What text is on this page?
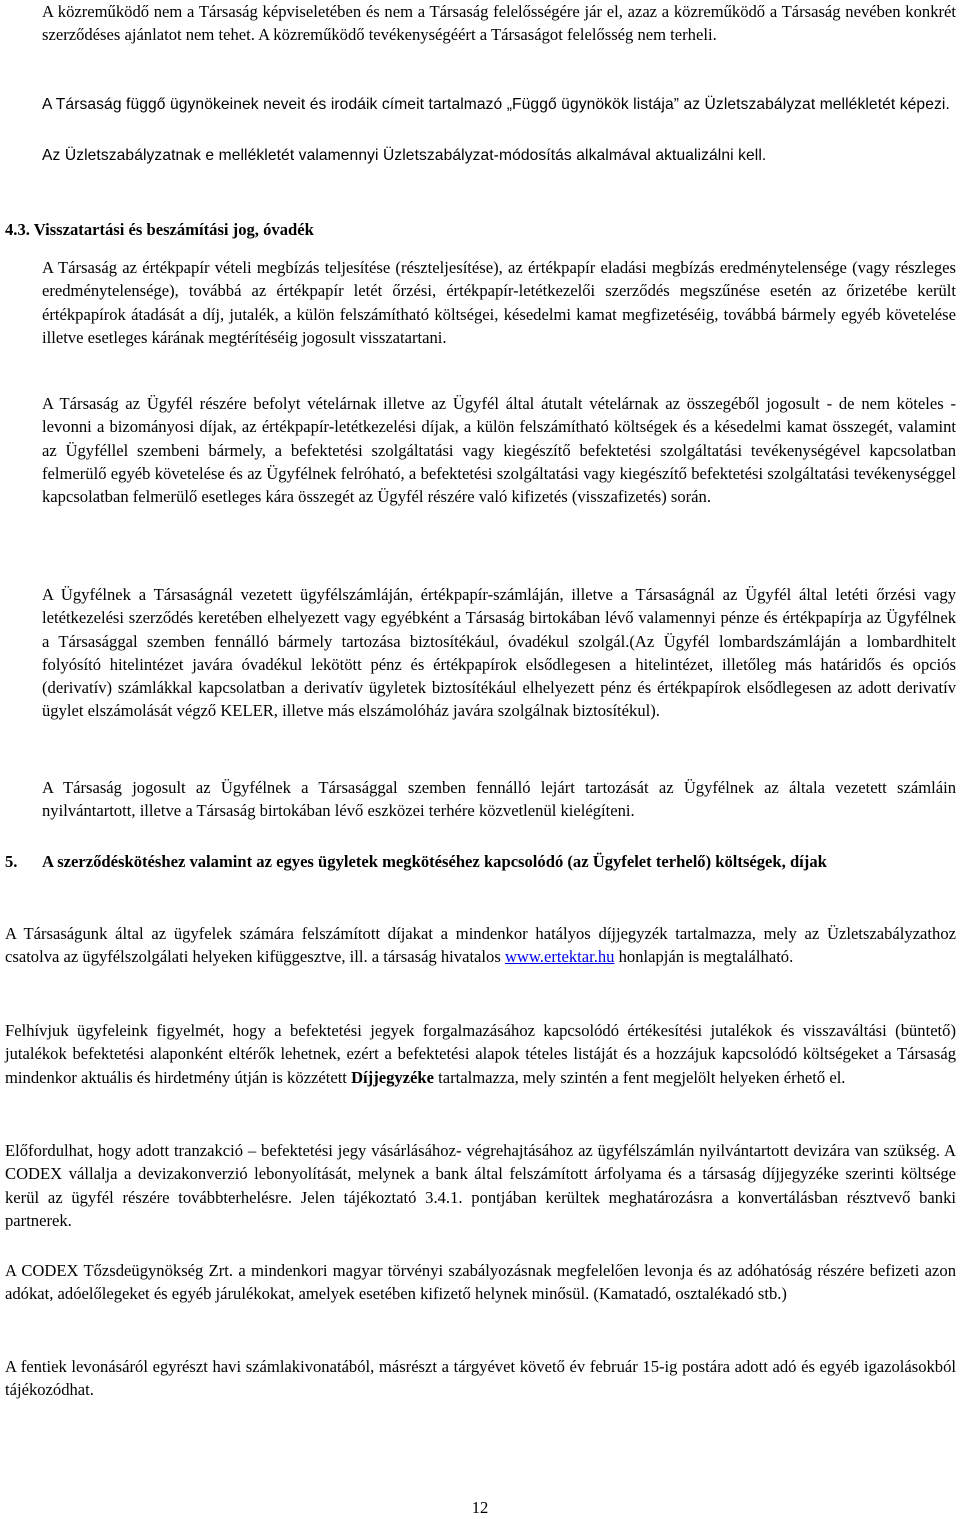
A közreműködő nem a Társaság képviseletében és nem a Társaság felelősségére jár el, azaz a közreműködő a Társaság nevében konkrét szerződéses ajánlatot nem tehet. A közreműködő tevékenységéért a Társaságot felelősség nem terheli.

A Társaság függő ügynökeinek neveit és irodáik címeit tartalmazó „Függő ügynökök listája” az Üzletszabályzat mellékletét képezi.

Az Üzletszabályzatnak e mellékletét valamennyi Üzletszabályzat-módosítás alkalmával aktualizálni kell.

4.3. Visszatartási és beszámítási jog, óvadék

A Társaság az értékpapír vételi megbízás teljesítése (részteljesítése), az értékpapír eladási megbízás eredménytelensége (vagy részleges eredménytelensége), továbbá az értékpapír letét őrzési, értékpapír-letétkezelői szerződés megszűnése esetén az őrizetébe került értékpapírok átadását a díj, jutalék, a külön felszámítható költségei, késedelmi kamat megfizetéséig, továbbá bármely egyéb követelése illetve esetleges kárának megtérítéséig jogosult visszatartani.

A Társaság az Ügyfél részére befolyt vételárnak illetve az Ügyfél által átutalt vételárnak az összegéből jogosult - de nem köteles - levonni a bizományosi díjak, az értékpapír-letétkezelési díjak, a külön felszámítható költségek és a késedelmi kamat összegét, valamint az Ügyféllel szembeni bármely, a befektetési szolgáltatási vagy kiegészítő befektetési szolgáltatási tevékenységével kapcsolatban felmerülő egyéb követelése és az Ügyfélnek felróható, a befektetési szolgáltatási vagy kiegészítő befektetési szolgáltatási tevékenységgel kapcsolatban felmerülő esetleges kára összegét az Ügyfél részére való kifizetés (visszafizetés) során.

A Ügyfélnek a Társaságnál vezetett ügyfélszámláján, értékpapír-számláján, illetve a Társaságnál az Ügyfél által letéti őrzési vagy letétkezelési szerződés keretében elhelyezett vagy egyébként a Társaság birtokában lévő valamennyi pénze és értékpapírja az Ügyfélnek a Társasággal szemben fennálló bármely tartozása biztosítékául, óvadékul szolgál.(Az Ügyfél lombardszámláján a lombardhitelt folyósító hitelintézet javára óvadékul lekötött pénz és értékpapírok elsődlegesen a hitelintézet, illetőleg más határidős és opciós (derivatív) számlákkal kapcsolatban a derivatív ügyletek biztosítékául elhelyezett pénz és értékpapírok elsődlegesen az adott derivatív ügylet elszámolását végző KELER, illetve más elszámolóház javára szolgálnak biztosítékul).

A Társaság jogosult az Ügyfélnek a Társasággal szemben fennálló lejárt tartozását az Ügyfélnek az általa vezetett számláin nyilvántartott, illetve a Társaság birtokában lévő eszközei terhére közvetlenül kielégíteni.

5. A szerződéskötéshez valamint az egyes ügyletek megkötéséhez kapcsolódó (az Ügyfelet terhelő) költségek, díjak

A Társaságunk által az ügyfelek számára felszámított díjakat a mindenkor hatályos díjjegyzék tartalmazza, mely az Üzletszabályzathoz csatolva az ügyfélszolgálati helyeken kifüggesztve, ill. a társaság hivatalos www.ertektar.hu honlapján is megtalálható.

Felhívjuk ügyfeleink figyelmét, hogy a befektetési jegyek forgalmazásához kapcsolódó értékesítési jutalékok és visszaváltási (büntető) jutalékok befektetési alaponként eltérők lehetnek, ezért a befektetési alapok tételes listáját és a hozzájuk kapcsolódó költségeket a Társaság mindenkor aktuális és hirdetmény útján is közzétett Díjjegyzéke tartalmazza, mely szintén a fent megjelölt helyeken érhető el.

Előfordulhat, hogy adott tranzakció – befektetési jegy vásárlásához- végrehajtásához az ügyfélszámlán nyilvántartott devizára van szükség. A CODEX vállalja a devizakonverzió lebonyolítását, melynek a bank által felszámított árfolyama és a társaság díjjegyzéke szerinti költsége kerül az ügyfél részére továbbterhelésre. Jelen tájékoztató 3.4.1. pontjában kerültek meghatározásra a konvertálásban résztvevő banki partnerek.

A CODEX Tőzsdeügynökség Zrt. a mindenkori magyar törvényi szabályozásnak megfelelően levonja és az adóhatóság részére befizeti azon adókat, adóelőlegeket és egyéb járulékokat, amelyek esetében kifizető helynek minősül. (Kamatadó, osztalékadó stb.)

A fentiek levonásáról egyrészt havi számlakivonatából, másrészt a tárgyévet követő év február 15-ig postára adott adó és egyéb igazolásokból tájékozódhat.

12
